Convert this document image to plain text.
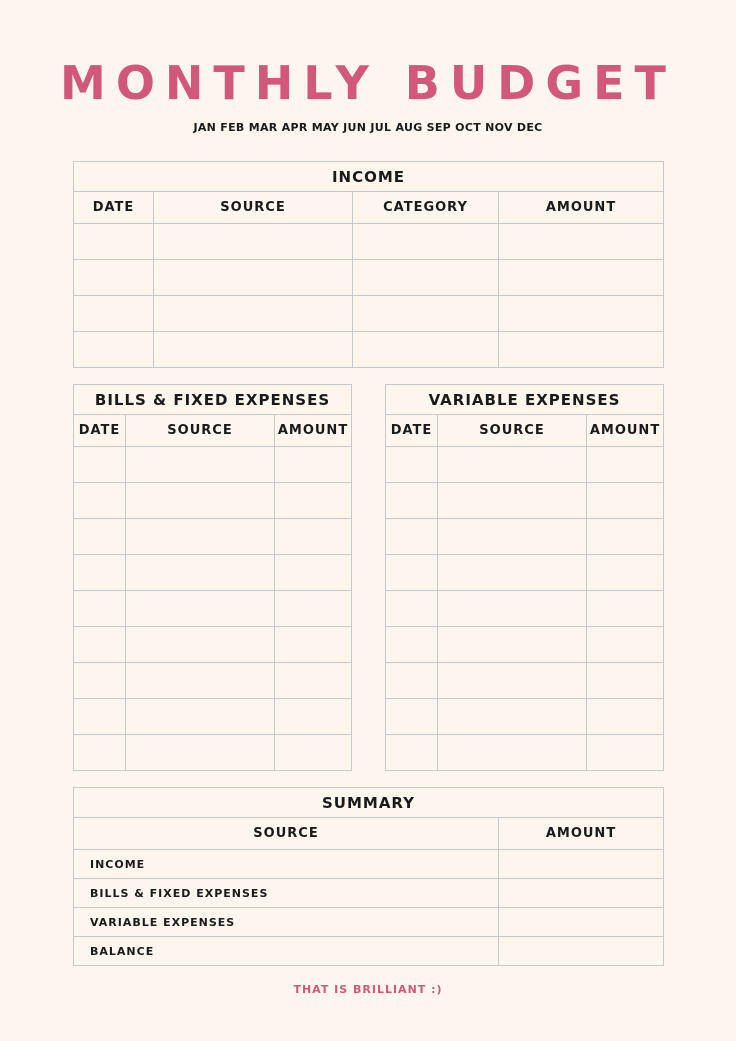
MONTHLY BUDGET
JAN FEB MAR APR MAY JUN JUL AUG SEP OCT NOV DEC
INCOME			
DATE	SOURCE	CATEGORY	AMOUNT

BILLS & FIXED EXPENSES		
DATE	SOURCE	AMOUNT

VARIABLE EXPENSES		
DATE	SOURCE	AMOUNT

SUMMARY	
SOURCE	AMOUNT
INCOME	
BILLS & FIXED EXPENSES	
VARIABLE EXPENSES	
BALANCE	
THAT IS BRILLIANT :)
